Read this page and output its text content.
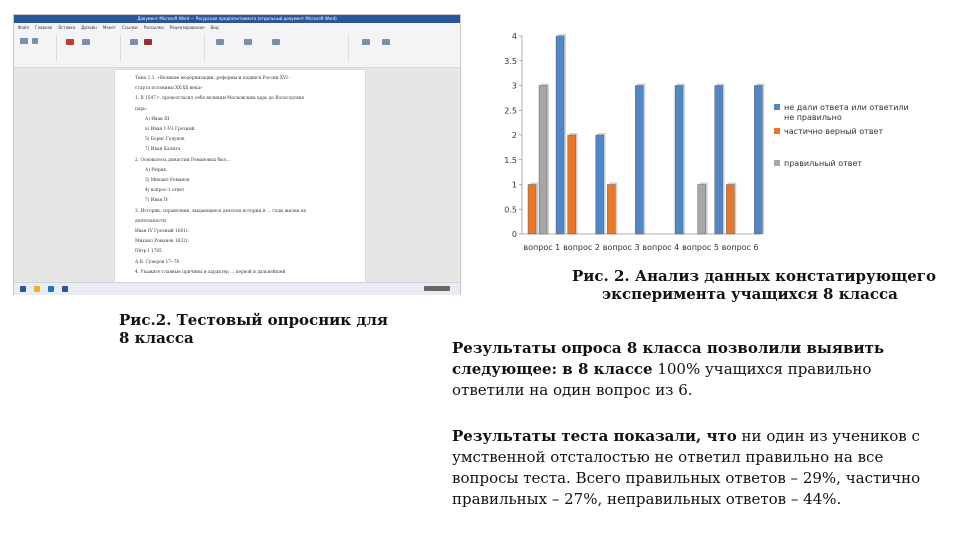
Документ Microsoft Word — Ресурсная предпочитаемого (отдельный документ Microsoft Word)
Файл Главная Вставка Дизайн Макет Ссылки Рассылки Рецензирование Вид
Тема 1.1. «Великие модернизации, реформы и подвиги России XVI -
старта половины XX-XX века»
1. В 1547 г. провозгласил себя великим Московским царь до Вологодских
царь:
А) Иван III
а) Иван 1-V-I Грозный
3) Борис Годунов
7) Иван Калита
2. Основатель династии Романовых был...
А) Рюрик
3) Михаил Романов
4) вопрос-1 ответ
7) Иван IV
3. Историк, справочник, выдающиеся деятели истории и ... годы жизни их
деятельности
Иван IV Грозный 1601г.
Михаил Романов 1632г.
Пётр I 1765
А.В. Суворов 17--76
4. Укажите главные причины и характер ... первой и дальнейшей
0
0.5
1
1.5
2
2.5
3
3.5
4
вопрос 1 вопрос 2 вопрос 3 вопрос 4 вопрос 5 вопрос 6
не дали ответа или ответили не правильно
частично верный ответ
правильный ответ
Рис. 2. Анализ данных констатирующего
эксперимента учащихся 8 класса
Рис.2. Тестовый опросник для
8 класса
Результаты опроса 8 класса позволили выявить следующее: в 8 классе 100% учащихся правильно ответили на один вопрос из 6.
Результаты теста показали, что ни один из учеников с умственной отсталостью не ответил правильно на все вопросы теста. Всего правильных ответов – 29%, частично правильных – 27%, неправильных ответов – 44%.
